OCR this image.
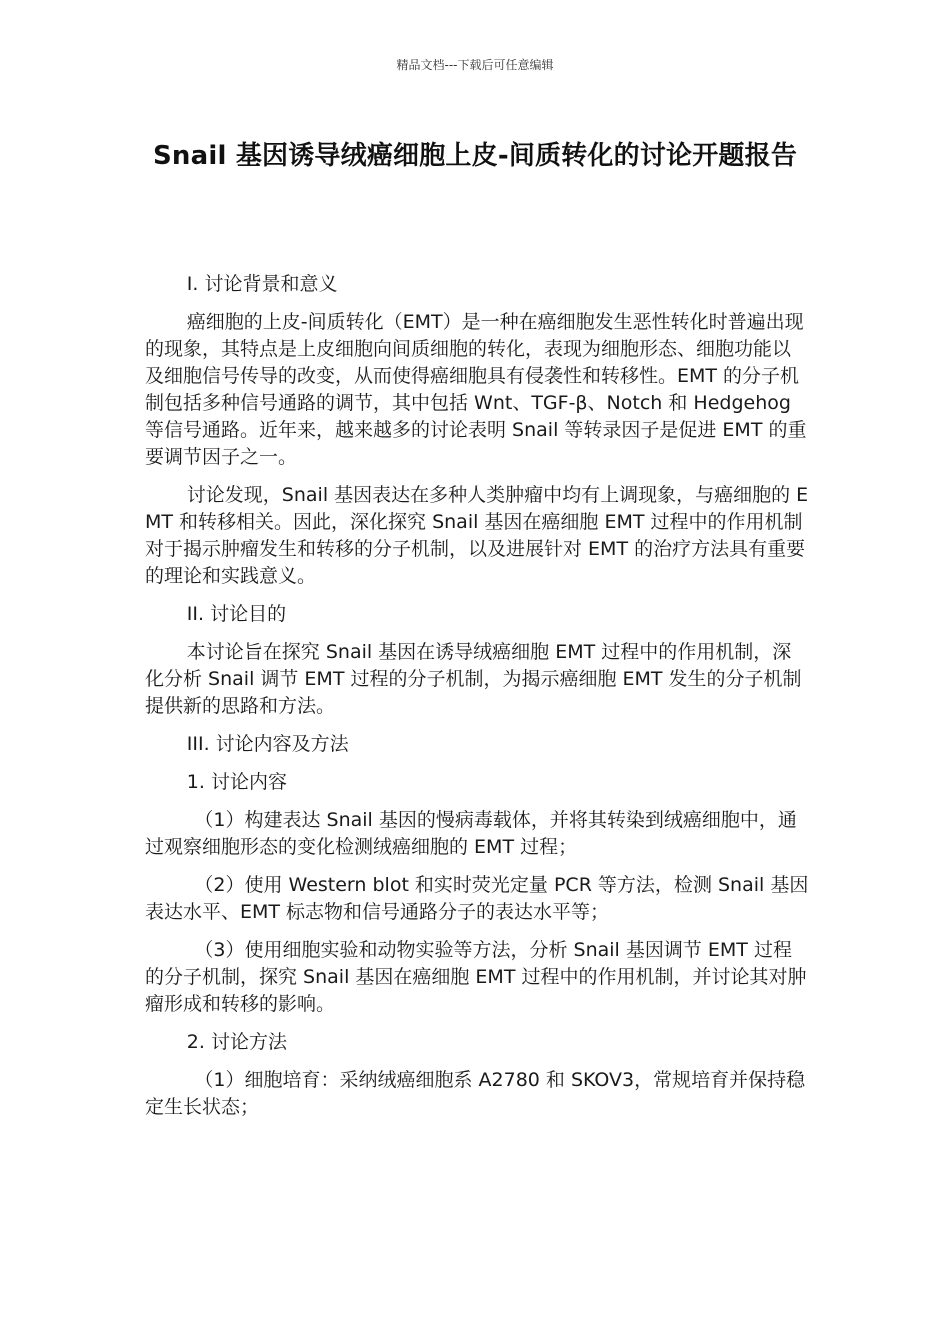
精品文档---下载后可任意编辑
Snail 基因诱导绒癌细胞上皮-间质转化的讨论开题报告

I. 讨论背景和意义

癌细胞的上皮-间质转化（EMT）是一种在癌细胞发生恶性转化时普遍出现的现象，其特点是上皮细胞向间质细胞的转化，表现为细胞形态、细胞功能以及细胞信号传导的改变，从而使得癌细胞具有侵袭性和转移性。EMT 的分子机制包括多种信号通路的调节，其中包括 Wnt、TGF-β、Notch 和 Hedgehog 等信号通路。近年来，越来越多的讨论表明 Snail 等转录因子是促进 EMT 的重要调节因子之一。

讨论发现，Snail 基因表达在多种人类肿瘤中均有上调现象，与癌细胞的 EMT 和转移相关。因此，深化探究 Snail 基因在癌细胞 EMT 过程中的作用机制对于揭示肿瘤发生和转移的分子机制，以及进展针对 EMT 的治疗方法具有重要的理论和实践意义。

II. 讨论目的

本讨论旨在探究 Snail 基因在诱导绒癌细胞 EMT 过程中的作用机制，深化分析 Snail 调节 EMT 过程的分子机制，为揭示癌细胞 EMT 发生的分子机制提供新的思路和方法。

III. 讨论内容及方法

1. 讨论内容

（1）构建表达 Snail 基因的慢病毒载体，并将其转染到绒癌细胞中，通过观察细胞形态的变化检测绒癌细胞的 EMT 过程；

（2）使用 Western blot 和实时荧光定量 PCR 等方法，检测 Snail 基因表达水平、EMT 标志物和信号通路分子的表达水平等；

（3）使用细胞实验和动物实验等方法，分析 Snail 基因调节 EMT 过程的分子机制，探究 Snail 基因在癌细胞 EMT 过程中的作用机制，并讨论其对肿瘤形成和转移的影响。

2. 讨论方法

（1）细胞培育：采纳绒癌细胞系 A2780 和 SKOV3，常规培育并保持稳定生长状态；
